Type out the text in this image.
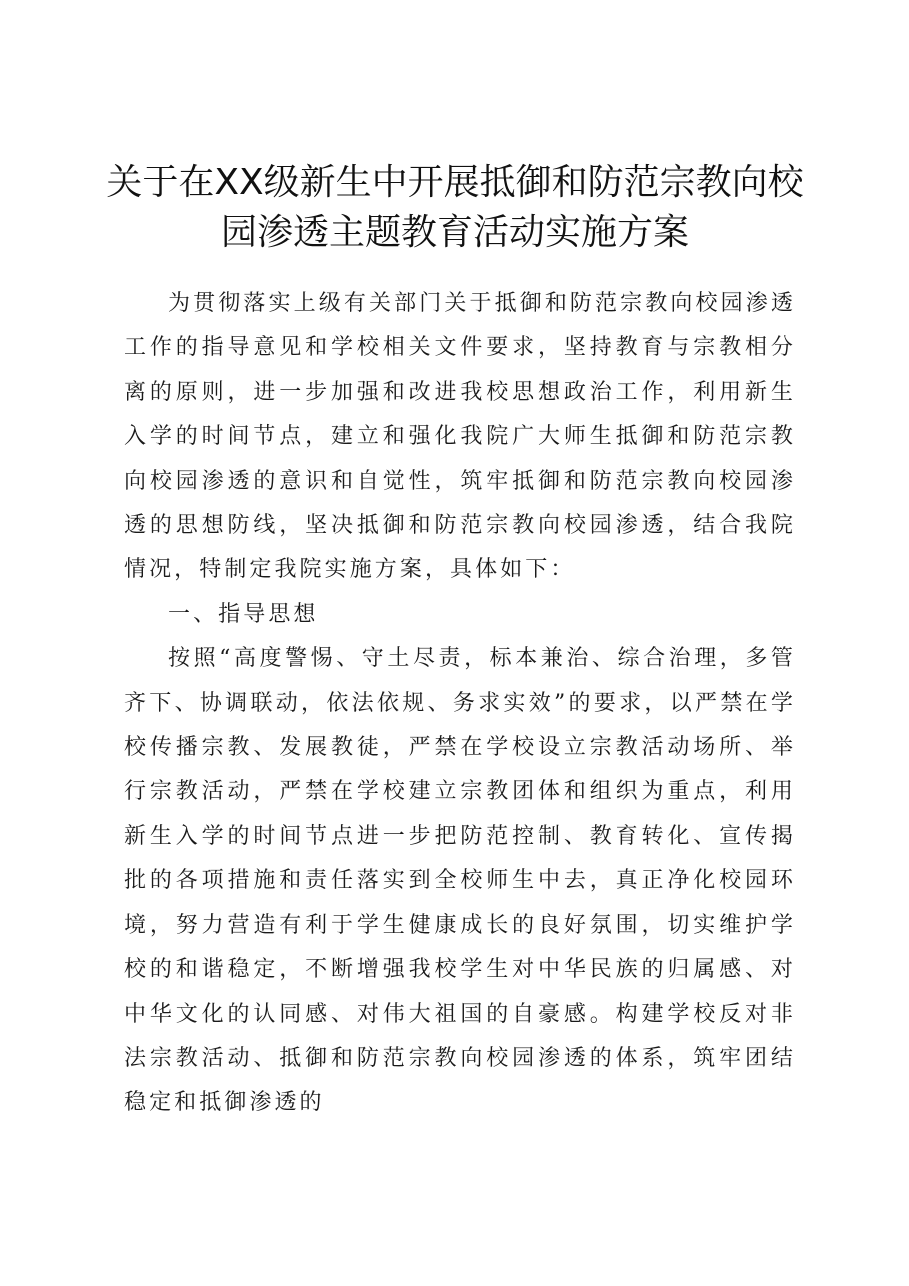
关于在XX级新生中开展抵御和防范宗教向校
园渗透主题教育活动实施方案

为贯彻落实上级有关部门关于抵御和防范宗教向校园渗透工作的指导意见和学校相关文件要求，坚持教育与宗教相分离的原则，进一步加强和改进我校思想政治工作，利用新生入学的时间节点，建立和强化我院广大师生抵御和防范宗教向校园渗透的意识和自觉性，筑牢抵御和防范宗教向校园渗透的思想防线，坚决抵御和防范宗教向校园渗透，结合我院情况，特制定我院实施方案，具体如下：

一、指导思想

按照“高度警惕、守土尽责，标本兼治、综合治理，多管齐下、协调联动，依法依规、务求实效”的要求，以严禁在学校传播宗教、发展教徒，严禁在学校设立宗教活动场所、举行宗教活动，严禁在学校建立宗教团体和组织为重点，利用新生入学的时间节点进一步把防范控制、教育转化、宣传揭批的各项措施和责任落实到全校师生中去，真正净化校园环境，努力营造有利于学生健康成长的良好氛围，切实维护学校的和谐稳定，不断增强我校学生对中华民族的归属感、对中华文化的认同感、对伟大祖国的自豪感。构建学校反对非法宗教活动、抵御和防范宗教向校园渗透的体系，筑牢团结稳定和抵御渗透的
